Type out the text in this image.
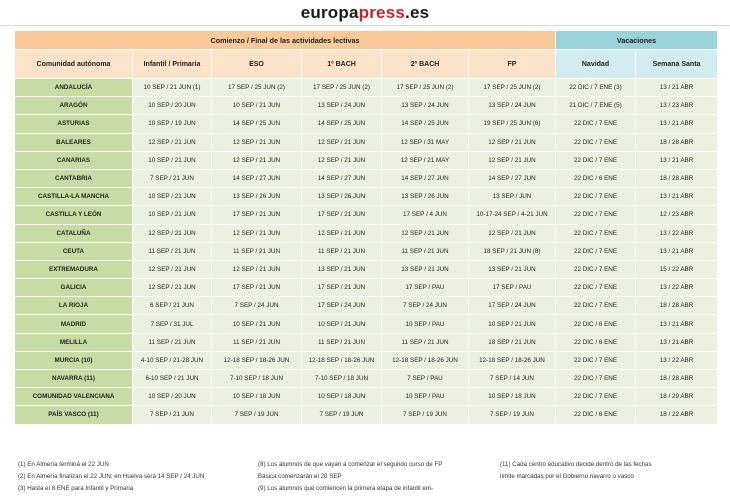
europapress.es
Comienzo / Final de las actividades lectivas						Vacaciones	
Comunidad autónoma	Infantil / Primaria	ESO	1º BACH	2º BACH	FP	Navidad	Semana Santa
ANDALUCÍA	10 SEP / 21 JUN (1)	17 SEP / 25 JUN (2)	17 SEP / 25 JUN (2)	17 SEP / 25 JUN (2)	17 SEP / 25 JUN (2)	22 DIC / 7 ENE (3)	13 / 21 ABR
ARAGÓN	10 SEP / 20 JUN	10 SEP / 21 JUN	13 SEP / 24 JUN	13 SEP / 24 JUN	13 SEP / 24 JUN	21 DIC / 7 ENE (5)	13 / 23 ABR
ASTURIAS	10 SEP / 19 JUN	14 SEP / 25 JUN	14 SEP / 25 JUN	14 SEP / 25 JUN	19 SEP / 25 JUN (6)	22 DIC / 7 ENE	13 / 21 ABR
BALEARES	12 SEP / 21 JUN	12 SEP / 21 JUN	12 SEP / 21 JUN	12 SEP / 31 MAY	12 SEP / 21 JUN	22 DIC / 7 ENE	18 / 28 ABR
CANARIAS	10 SEP / 21 JUN	12 SEP / 21 JUN	12 SEP / 21 JUN	12 SEP / 21 MAY	12 SEP / 21 JUN	22 DIC / 7 ENE	13 / 21 ABR
CANTABRIA	7 SEP / 21 JUN	14 SEP / 27 JUN	14 SEP / 27 JUN	14 SEP / 27 JUN	14 SEP / 27 JUN	22 DIC / 6 ENE	18 / 28 ABR
CASTILLA-LA MANCHA	10 SEP / 21 JUN	13 SEP / 26 JUN	13 SEP / 26 JUN	13 SEP / 26 JUN	13 SEP / JUN	22 DIC / 7 ENE	13 / 21 ABR
CASTILLA Y LEÓN	10 SEP / 21 JUN	17 SEP / 21 JUN	17 SEP / 21 JUN	17 SEP / 4 JUN	10-17-24 SEP / 4-21 JUN	22 DIC / 7 ENE	12 / 23 ABR
CATALUÑA	12 SEP / 21 JUN	12 SEP / 21 JUN	12 SEP / 21 JUN	12 SEP / 21 JUN	12 SEP / 21 JUN	22 DIC / 7 ENE	13 / 22 ABR
CEUTA	11 SEP / 21 JUN	11 SEP / 21 JUN	11 SEP / 21 JUN	11 SEP / 21 JUN	18 SEP / 21 JUN (8)	22 DIC / 7 ENE	13 / 21 ABR
EXTREMADURA	12 SEP / 21 JUN	12 SEP / 21 JUN	13 SEP / 21 JUN	13 SEP / 21 JUN	13 SEP / 21 JUN	22 DIC / 7 ENE	15 / 22 ABR
GALICIA	12 SEP / 21 JUN	17 SEP / 21 JUN	17 SEP / 21 JUN	17 SEP / PAU	17 SEP / PAU	22 DIC / 7 ENE	13 / 22 ABR
LA RIOJA	6 SEP / 21 JUN	7 SEP / 24 JUN	17 SEP / 24 JUN	7 SEP / 24 JUN	17 SEP / 24 JUN	22 DIC / 7 ENE	18 / 28 ABR
MADRID	7 SEP / 31 JUL	10 SEP / 21 JUN	10 SEP / 21 JUN	10 SEP / PAU	10 SEP / 21 JUN	22 DIC / 6 ENE	13 / 21 ABR
MELILLA	11 SEP / 21 JUN	11 SEP / 21 JUN	11 SEP / 21 JUN	11 SEP / 21 JUN	18 SEP / 21 JUN	22 DIC / 6 ENE	13 / 21 ABR
MURCIA (10)	4-10 SEP / 21-28 JUN	12-18 SEP / 18-26 JUN	12-18 SEP / 18-26 JUN	12-18 SEP / 18-26 JUN	12-18 SEP / 18-26 JUN	22 DIC / 7 ENE	13 / 22 ABR
NAVARRA (11)	6-10 SEP / 21 JUN	7-10 SEP / 18 JUN	7-10 SEP / 18 JUN	7 SEP / PAU	7 SEP / 14 JUN	22 DIC / 7 ENE	18 / 28 ABR
COMUNIDAD VALENCIANA	10 SEP / 20 JUN	10 SEP / 18 JUN	10 SEP / 18 JUN	10 SEP / PAU	10 SEP / 18 JUN	22 DIC / 7 ENE	18 / 29 ABR
PAÍS VASCO (11)	7 SEP / 21 JUN	7 SEP / 19 JUN	7 SEP / 19 JUN	7 SEP / 19 JUN	7 SEP / 19 JUN	22 DIC / 6 ENE	18 / 22 ABR
(1) En Almería terminá el 22 JUN
(2) En Almería finalizan el 22 JUN; en Huelva será 14 SEP / 24 JUN
(3) Hasta el 8 ENE para Infantil y Primaria
(8) Los alumnos de que vayan a comenzar el segundo curso de FP
Básica comenzarán el 20 SEP
(9) Los alumnos que comiencen la primera etapa de infantil em-
(11) Cada centro educativo decide dentro de las fechas
límite marcadas por el Gobierno navarro o vasco
